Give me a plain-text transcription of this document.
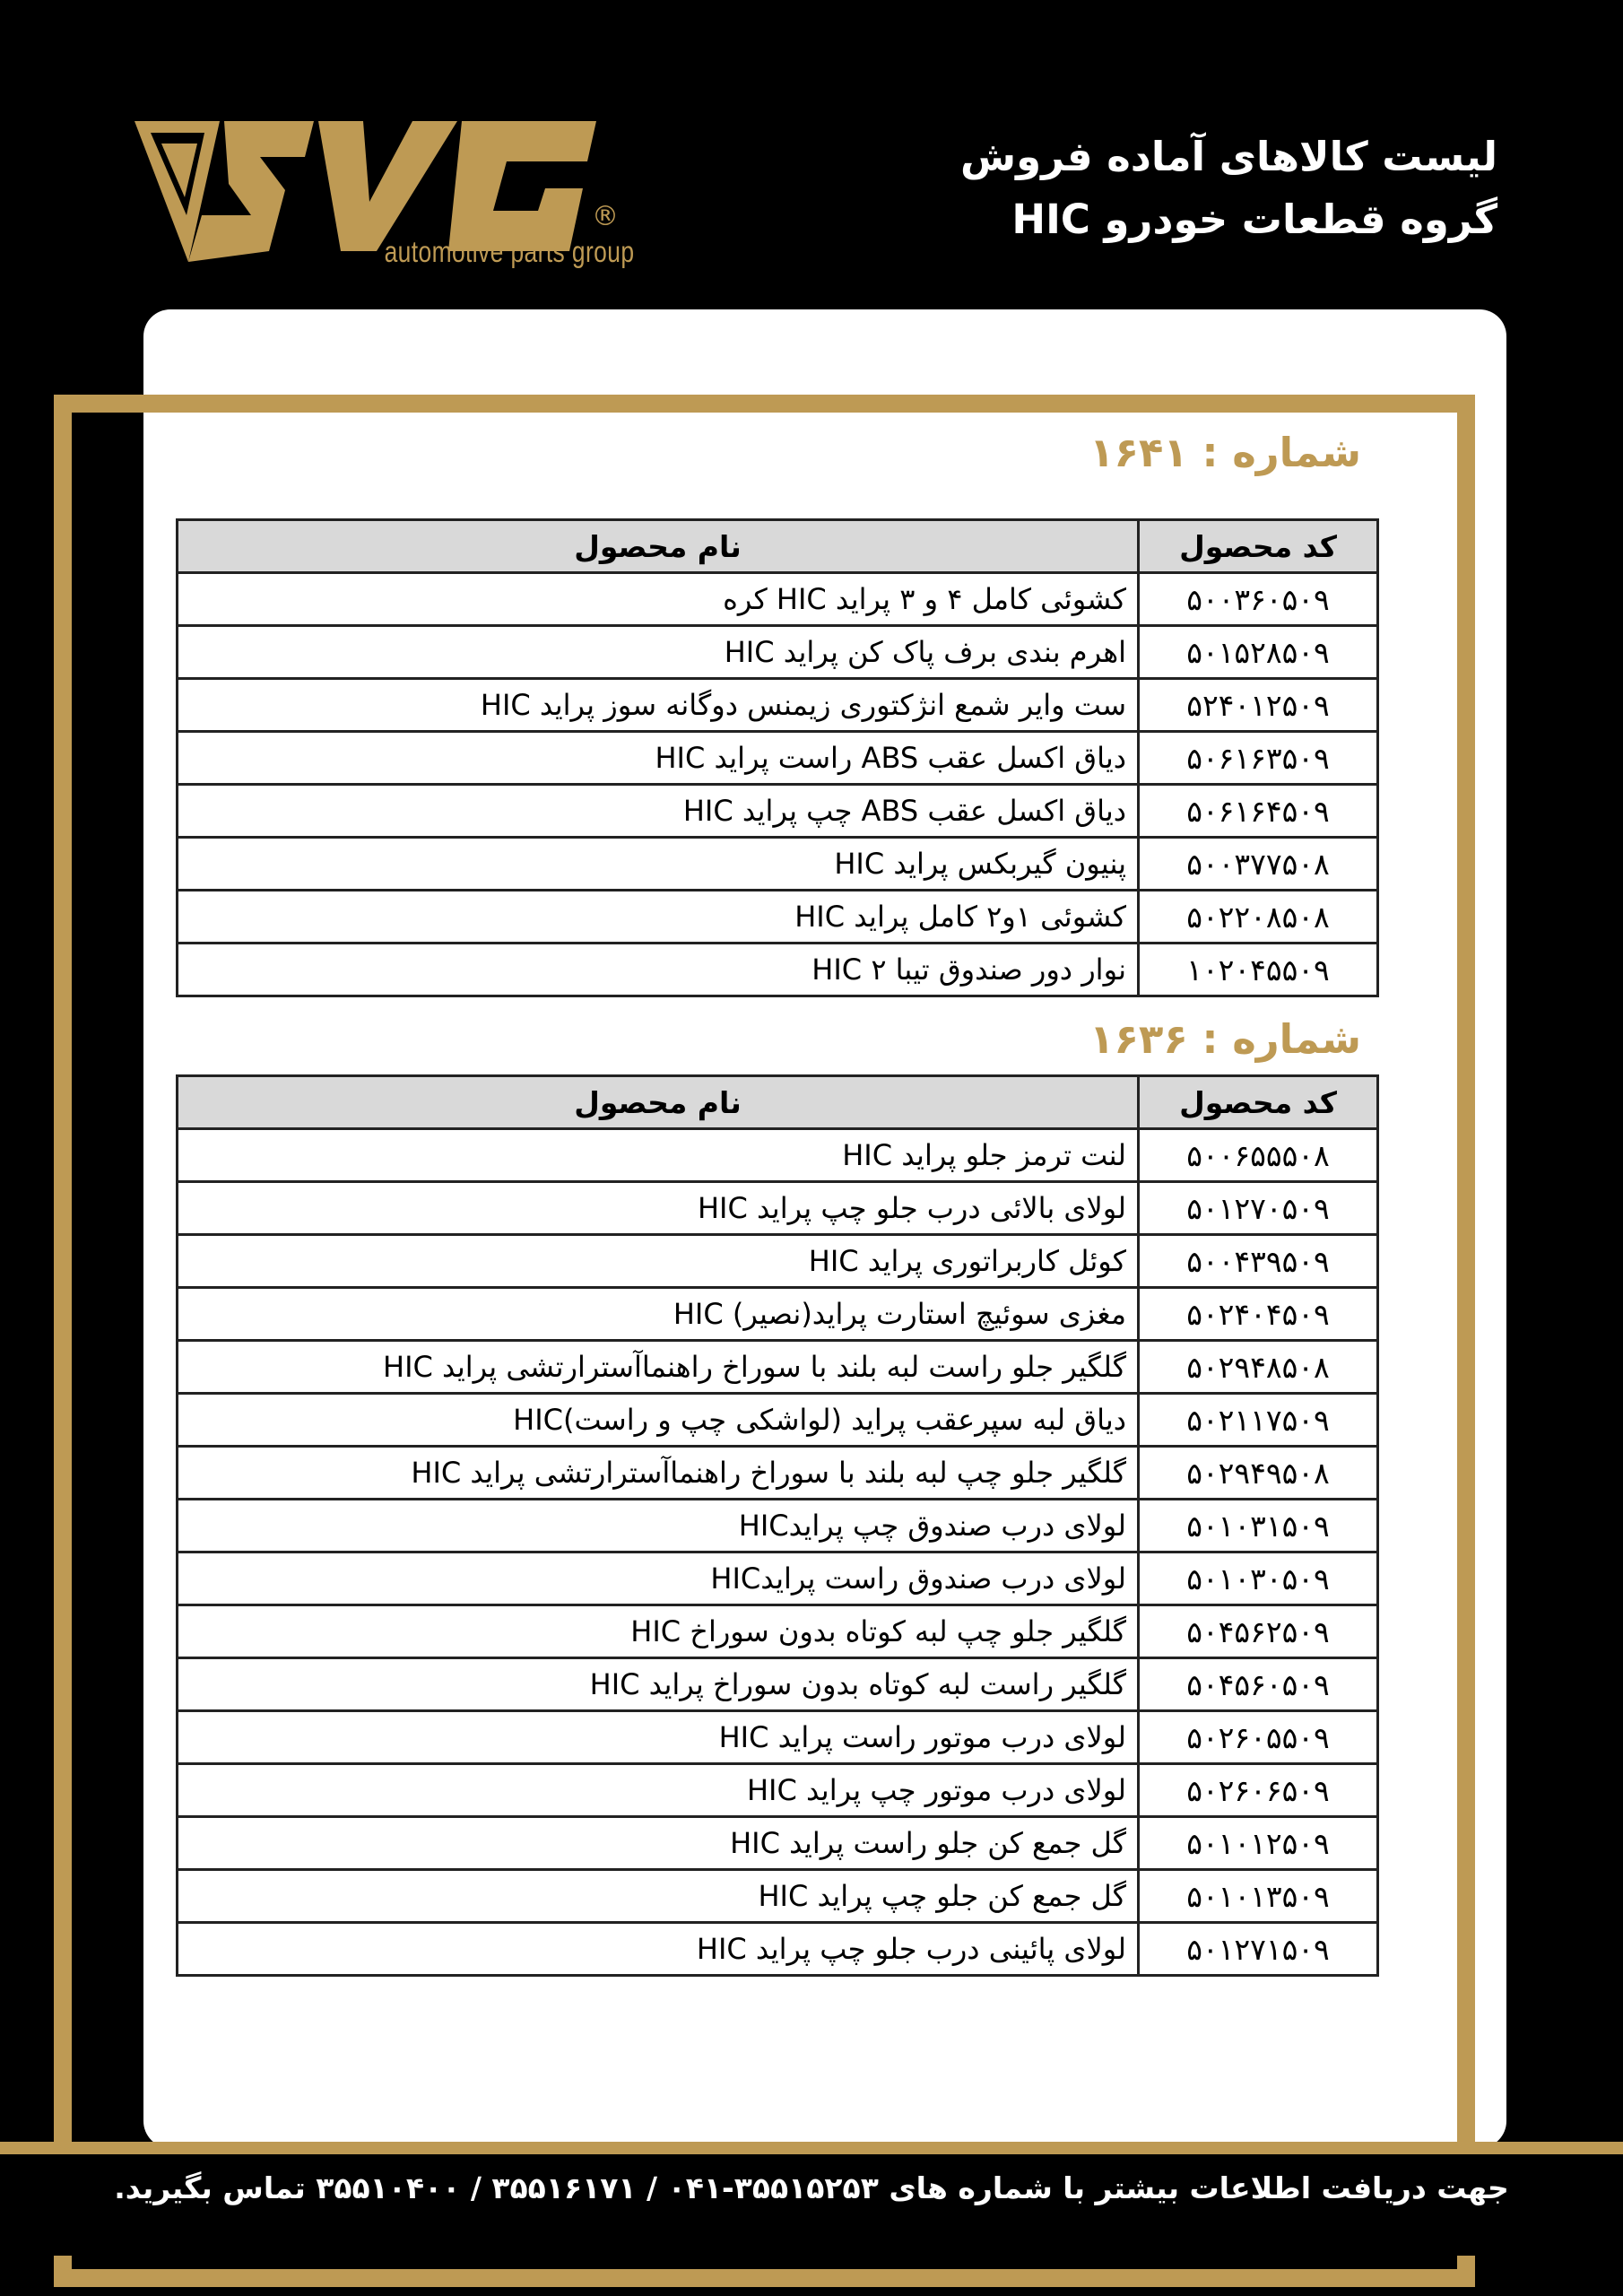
®
automotive parts group
لیست کالاهای آماده فروش
گروه قطعات خودرو HIC
شماره : ۱۶۴۱
کد محصول	نام محصول
۵۰۰۳۶۰۵۰۹	کشوئی کامل ۴ و ۳ پراید HIC کره
۵۰۱۵۲۸۵۰۹	اهرم بندی برف پاک کن پراید HIC
۵۲۴۰۱۲۵۰۹	ست وایر شمع انژکتوری زیمنس دوگانه سوز پراید HIC
۵۰۶۱۶۳۵۰۹	دیاق اکسل عقب ABS راست پراید HIC
۵۰۶۱۶۴۵۰۹	دیاق اکسل عقب ABS چپ پراید HIC
۵۰۰۳۷۷۵۰۸	پنیون گیربکس پراید HIC
۵۰۲۲۰۸۵۰۸	کشوئی ۱و۲ کامل پراید HIC
۱۰۲۰۴۵۵۰۹	نوار دور صندوق تیبا ۲ HIC
شماره : ۱۶۳۶
کد محصول	نام محصول
۵۰۰۶۵۵۵۰۸	لنت ترمز جلو پراید HIC
۵۰۱۲۷۰۵۰۹	لولای بالائی درب جلو چپ پراید HIC
۵۰۰۴۳۹۵۰۹	کوئل کاربراتوری پراید HIC
۵۰۲۴۰۴۵۰۹	مغزی سوئیچ استارت پراید(نصیر) HIC
۵۰۲۹۴۸۵۰۸	گلگیر جلو راست لبه بلند با سوراخ راهنماآسترارتشی پراید HIC
۵۰۲۱۱۷۵۰۹	دیاق لبه سپرعقب پراید (لواشکی چپ و راست)HIC
۵۰۲۹۴۹۵۰۸	گلگیر جلو چپ لبه بلند با سوراخ راهنماآسترارتشی پراید HIC
۵۰۱۰۳۱۵۰۹	لولای درب صندوق چپ پرایدHIC
۵۰۱۰۳۰۵۰۹	لولای درب صندوق راست پرایدHIC
۵۰۴۵۶۲۵۰۹	گلگیر جلو چپ لبه کوتاه بدون سوراخ HIC
۵۰۴۵۶۰۵۰۹	گلگیر راست لبه کوتاه بدون سوراخ پراید HIC
۵۰۲۶۰۵۵۰۹	لولای درب موتور راست پراید HIC
۵۰۲۶۰۶۵۰۹	لولای درب موتور چپ پراید HIC
۵۰۱۰۱۲۵۰۹	گل جمع کن جلو راست پراید HIC
۵۰۱۰۱۳۵۰۹	گل جمع کن جلو چپ پراید HIC
۵۰۱۲۷۱۵۰۹	لولای پائینی درب جلو چپ پراید HIC
جهت دریافت اطلاعات بیشتر با شماره های ۳۵۵۱۵۲۵۳-۰۴۱ / ۳۵۵۱۶۱۷۱ / ۳۵۵۱۰۴۰۰ تماس بگیرید.
